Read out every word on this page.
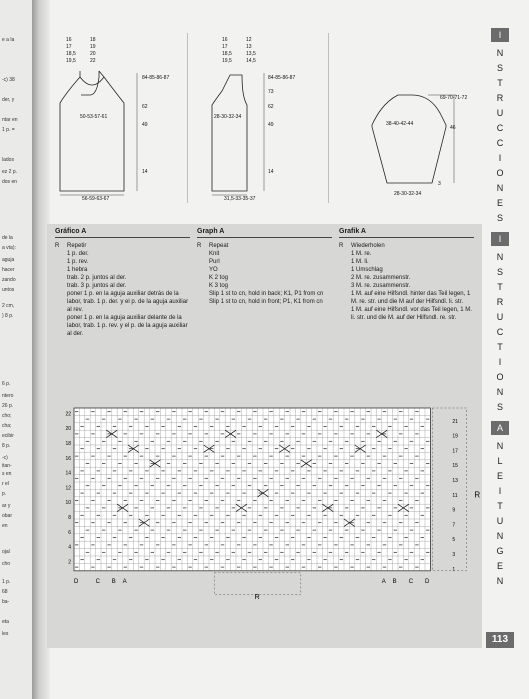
e a la
-c) 38
der, y
ntar en
1 p. =
lados
ez 2 p.
dos en
de la
a vta):
aguja
hacer
zando
untos
2 cm,
) 8 p.
6 p.
ntero
26 p.
cho;
cha;
ecibir
8 p.
-c)
itan-
s en
r el
p.
ar y
obar
en
ojal
cho
1 p.
68
ba-
eta
les
16
17
18,5
19,5
18
19
20
22
84-85-86-87
50-53-57-61
62
49
14
56-59-63-67
16
17
18,5
19,5
12
13
13,5
14,5
84-85-86-87
28-30-32-34
73
62
49
14
31,5-33-35-37
69-70-71-72
38-40-42-44
46
3
28-30-32-34
Gráfico A
R	Repetir
1 p. der.
1 p. rev.
1 hebra
trab. 2 p. juntos al der.
trab. 3 p. juntos al der.
poner 1 p. en la aguja auxiliar detrás de la labor, trab. 1 p. der. y el p. de la aguja auxiliar al rev.
poner 1 p. en la aguja auxiliar delante de la labor, trab. 1 p. rev. y el p. de la aguja auxiliar al der.
Graph A
R	Repeat
Knit
Purl
YO
K 2 tog
K 3 tog
Slip 1 st to cn, hold in back; K1, P1 from cn
Slip 1 st to cn, hold in front; P1, K1 from cn
Grafik A
R	Wiederholen
1 M. re.
1 M. li.
1 Umschlag
2 M. re. zusammenstr.
3 M. re. zusammenstr.
1 M. auf eine Hilfsndl. hinter das Teil legen, 1 M. re. str. und die M auf der Hilfsndl. li. str.
1 M. auf eine Hilfsndl. vor das Teil legen, 1 M. li. str. und die M. auf der Hilfsndl. re. str.
22
20
18
16
14
12
10
8
6
4
2
21
19
17
15
13
11
9
7
5
3
1
R
D	C B A	A B C D
R
I
N
S
T
R
U
C
C
I
O
N
E
S
I
N
S
T
R
U
C
T
I
O
N
S
A
N
L
E
I
T
U
N
G
E
N
113
